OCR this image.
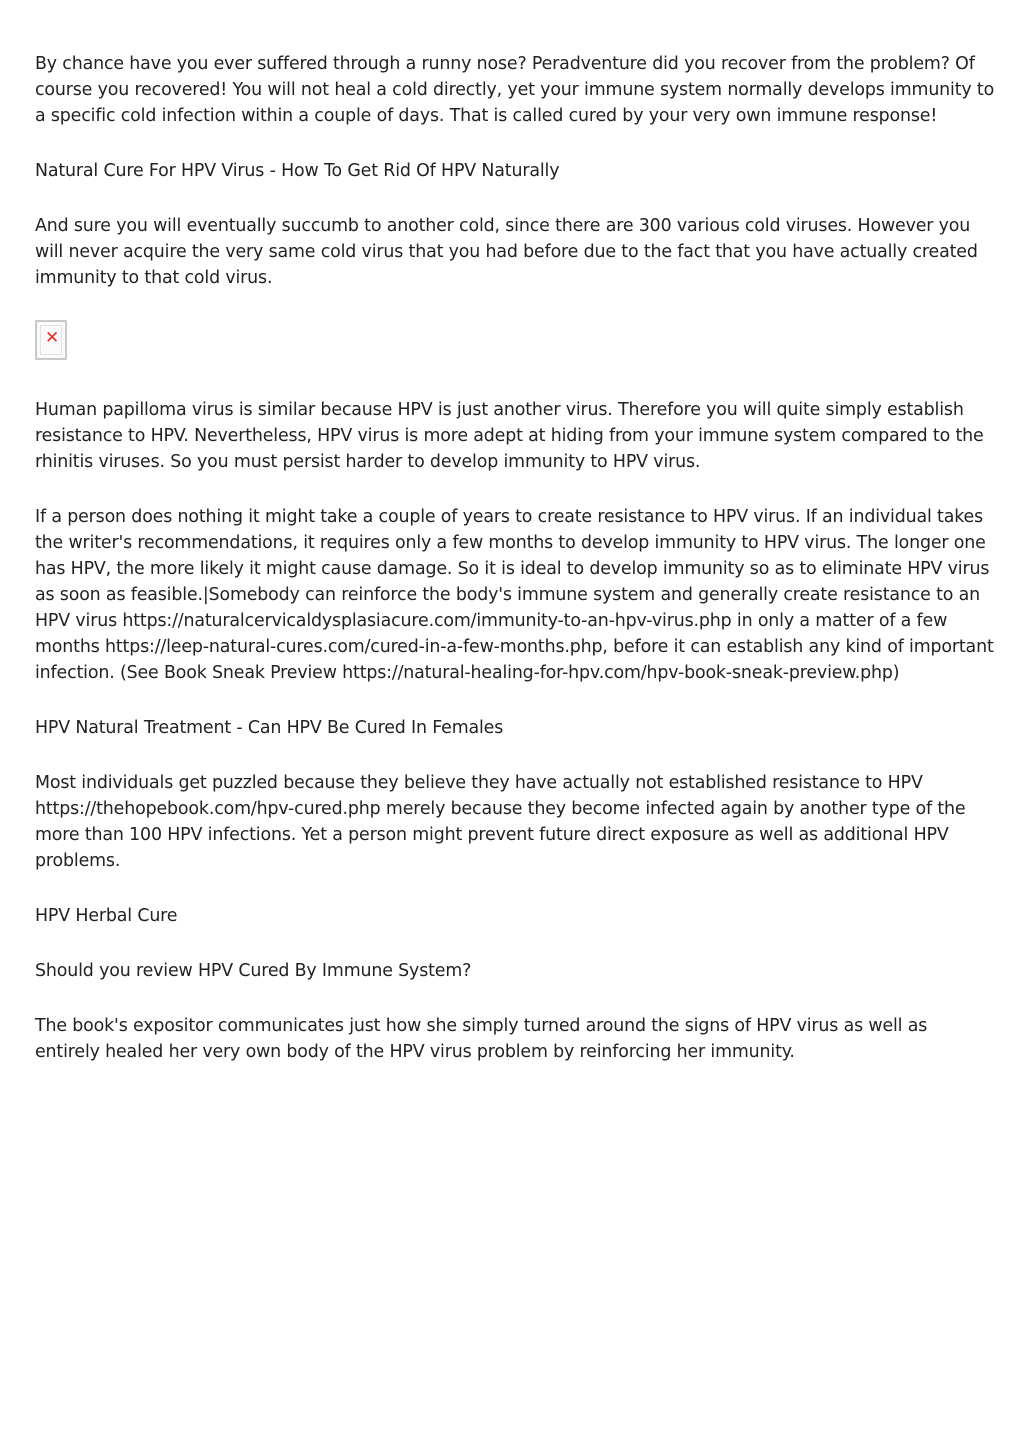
By chance have you ever suffered through a runny nose? Peradventure did you recover from the problem? Of course you recovered! You will not heal a cold directly, yet your immune system normally develops immunity to a specific cold infection within a couple of days. That is called cured by your very own immune response!

Natural Cure For HPV Virus - How To Get Rid Of HPV Naturally

And sure you will eventually succumb to another cold, since there are 300 various cold viruses. However you will never acquire the very same cold virus that you had before due to the fact that you have actually created immunity to that cold virus.

✕

Human papilloma virus is similar because HPV is just another virus. Therefore you will quite simply establish resistance to HPV. Nevertheless, HPV virus is more adept at hiding from your immune system compared to the rhinitis viruses. So you must persist harder to develop immunity to HPV virus.

If a person does nothing it might take a couple of years to create resistance to HPV virus. If an individual takes the writer's recommendations, it requires only a few months to develop immunity to HPV virus. The longer one has HPV, the more likely it might cause damage. So it is ideal to develop immunity so as to eliminate HPV virus as soon as feasible.|Somebody can reinforce the body's immune system and generally create resistance to an HPV virus https://naturalcervicaldysplasiacure.com/immunity-to-an-hpv-virus.php in only a matter of a few months https://leep-natural-cures.com/cured-in-a-few-months.php, before it can establish any kind of important infection. (See Book Sneak Preview https://natural-healing-for-hpv.com/hpv-book-sneak-preview.php)

HPV Natural Treatment - Can HPV Be Cured In Females

Most individuals get puzzled because they believe they have actually not established resistance to HPV https://thehopebook.com/hpv-cured.php merely because they become infected again by another type of the more than 100 HPV infections. Yet a person might prevent future direct exposure as well as additional HPV problems.

HPV Herbal Cure

Should you review HPV Cured By Immune System?

The book's expositor communicates just how she simply turned around the signs of HPV virus as well as entirely healed her very own body of the HPV virus problem by reinforcing her immunity.
